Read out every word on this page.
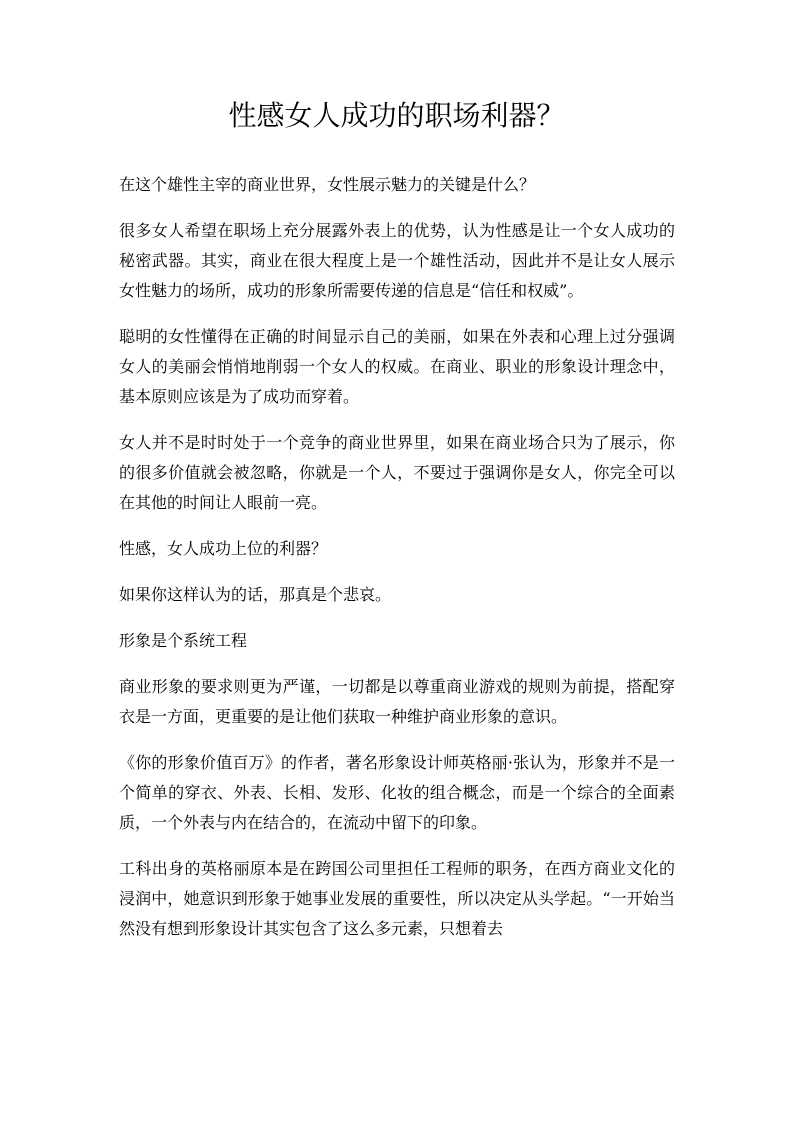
性感女人成功的职场利器？

在这个雄性主宰的商业世界，女性展示魅力的关键是什么？

很多女人希望在职场上充分展露外表上的优势，认为性感是让一个女人成功的秘密武器。其实，商业在很大程度上是一个雄性活动，因此并不是让女人展示女性魅力的场所，成功的形象所需要传递的信息是“信任和权威”。

聪明的女性懂得在正确的时间显示自己的美丽，如果在外表和心理上过分强调女人的美丽会悄悄地削弱一个女人的权威。在商业、职业的形象设计理念中，基本原则应该是为了成功而穿着。

女人并不是时时处于一个竞争的商业世界里，如果在商业场合只为了展示，你的很多价值就会被忽略，你就是一个人，不要过于强调你是女人，你完全可以在其他的时间让人眼前一亮。

性感，女人成功上位的利器？

如果你这样认为的话，那真是个悲哀。

形象是个系统工程

商业形象的要求则更为严谨，一切都是以尊重商业游戏的规则为前提，搭配穿衣是一方面，更重要的是让他们获取一种维护商业形象的意识。

《你的形象价值百万》的作者，著名形象设计师英格丽·张认为，形象并不是一个简单的穿衣、外表、长相、发形、化妆的组合概念，而是一个综合的全面素质，一个外表与内在结合的，在流动中留下的印象。

工科出身的英格丽原本是在跨国公司里担任工程师的职务，在西方商业文化的浸润中，她意识到形象于她事业发展的重要性，所以决定从头学起。“一开始当然没有想到形象设计其实包含了这么多元素，只想着去
